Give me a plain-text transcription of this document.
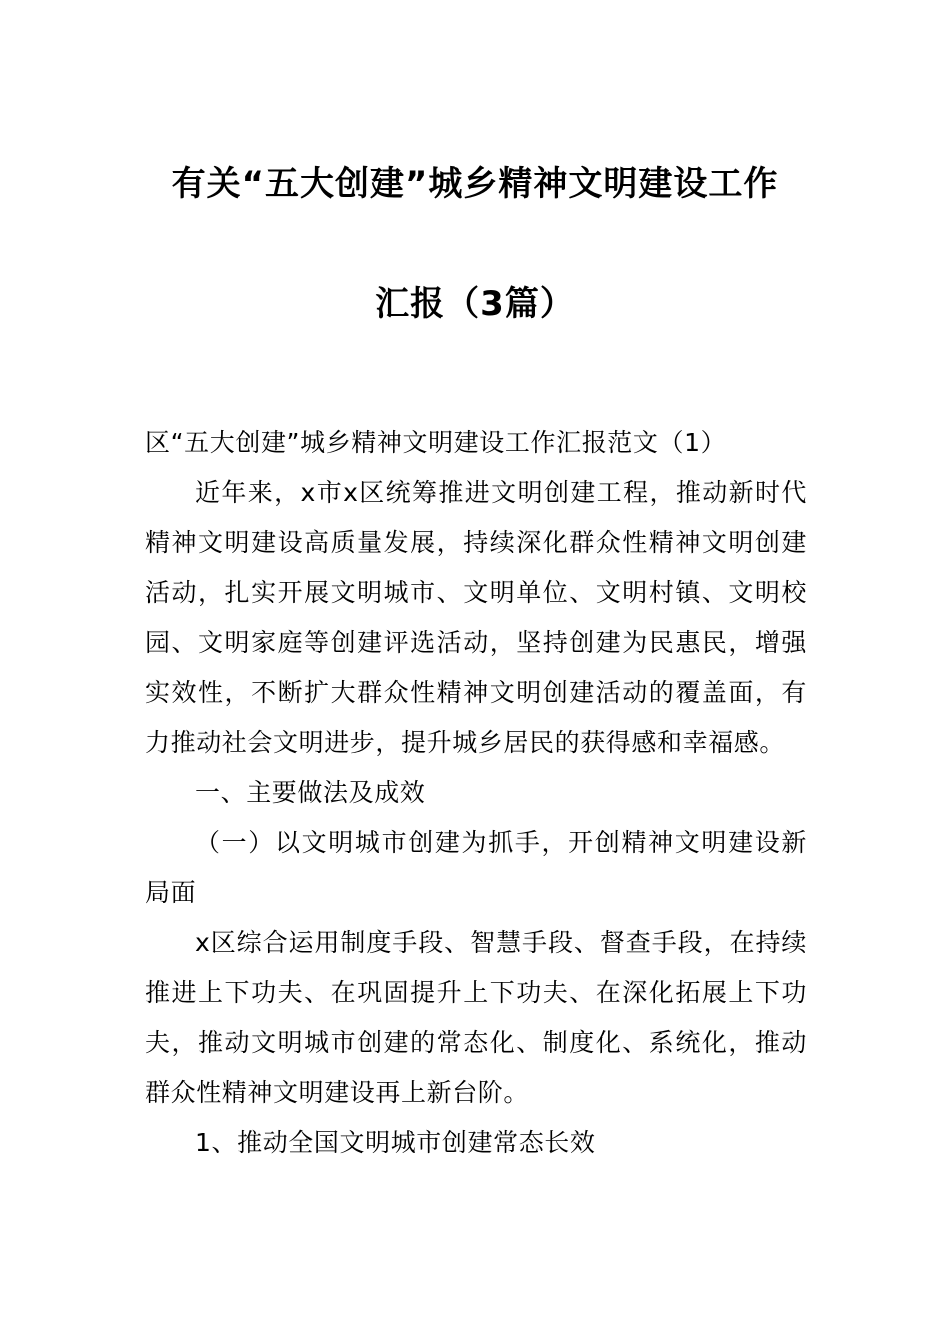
有关“五大创建”城乡精神文明建设工作
汇报（3篇）

区“五大创建”城乡精神文明建设工作汇报范文（1）

近年来，x市x区统筹推进文明创建工程，推动新时代精神文明建设高质量发展，持续深化群众性精神文明创建活动，扎实开展文明城市、文明单位、文明村镇、文明校园、文明家庭等创建评选活动，坚持创建为民惠民，增强实效性，不断扩大群众性精神文明创建活动的覆盖面，有力推动社会文明进步，提升城乡居民的获得感和幸福感。

一、主要做法及成效

（一）以文明城市创建为抓手，开创精神文明建设新局面

x区综合运用制度手段、智慧手段、督查手段，在持续推进上下功夫、在巩固提升上下功夫、在深化拓展上下功夫，推动文明城市创建的常态化、制度化、系统化，推动群众性精神文明建设再上新台阶。

1、推动全国文明城市创建常态长效
